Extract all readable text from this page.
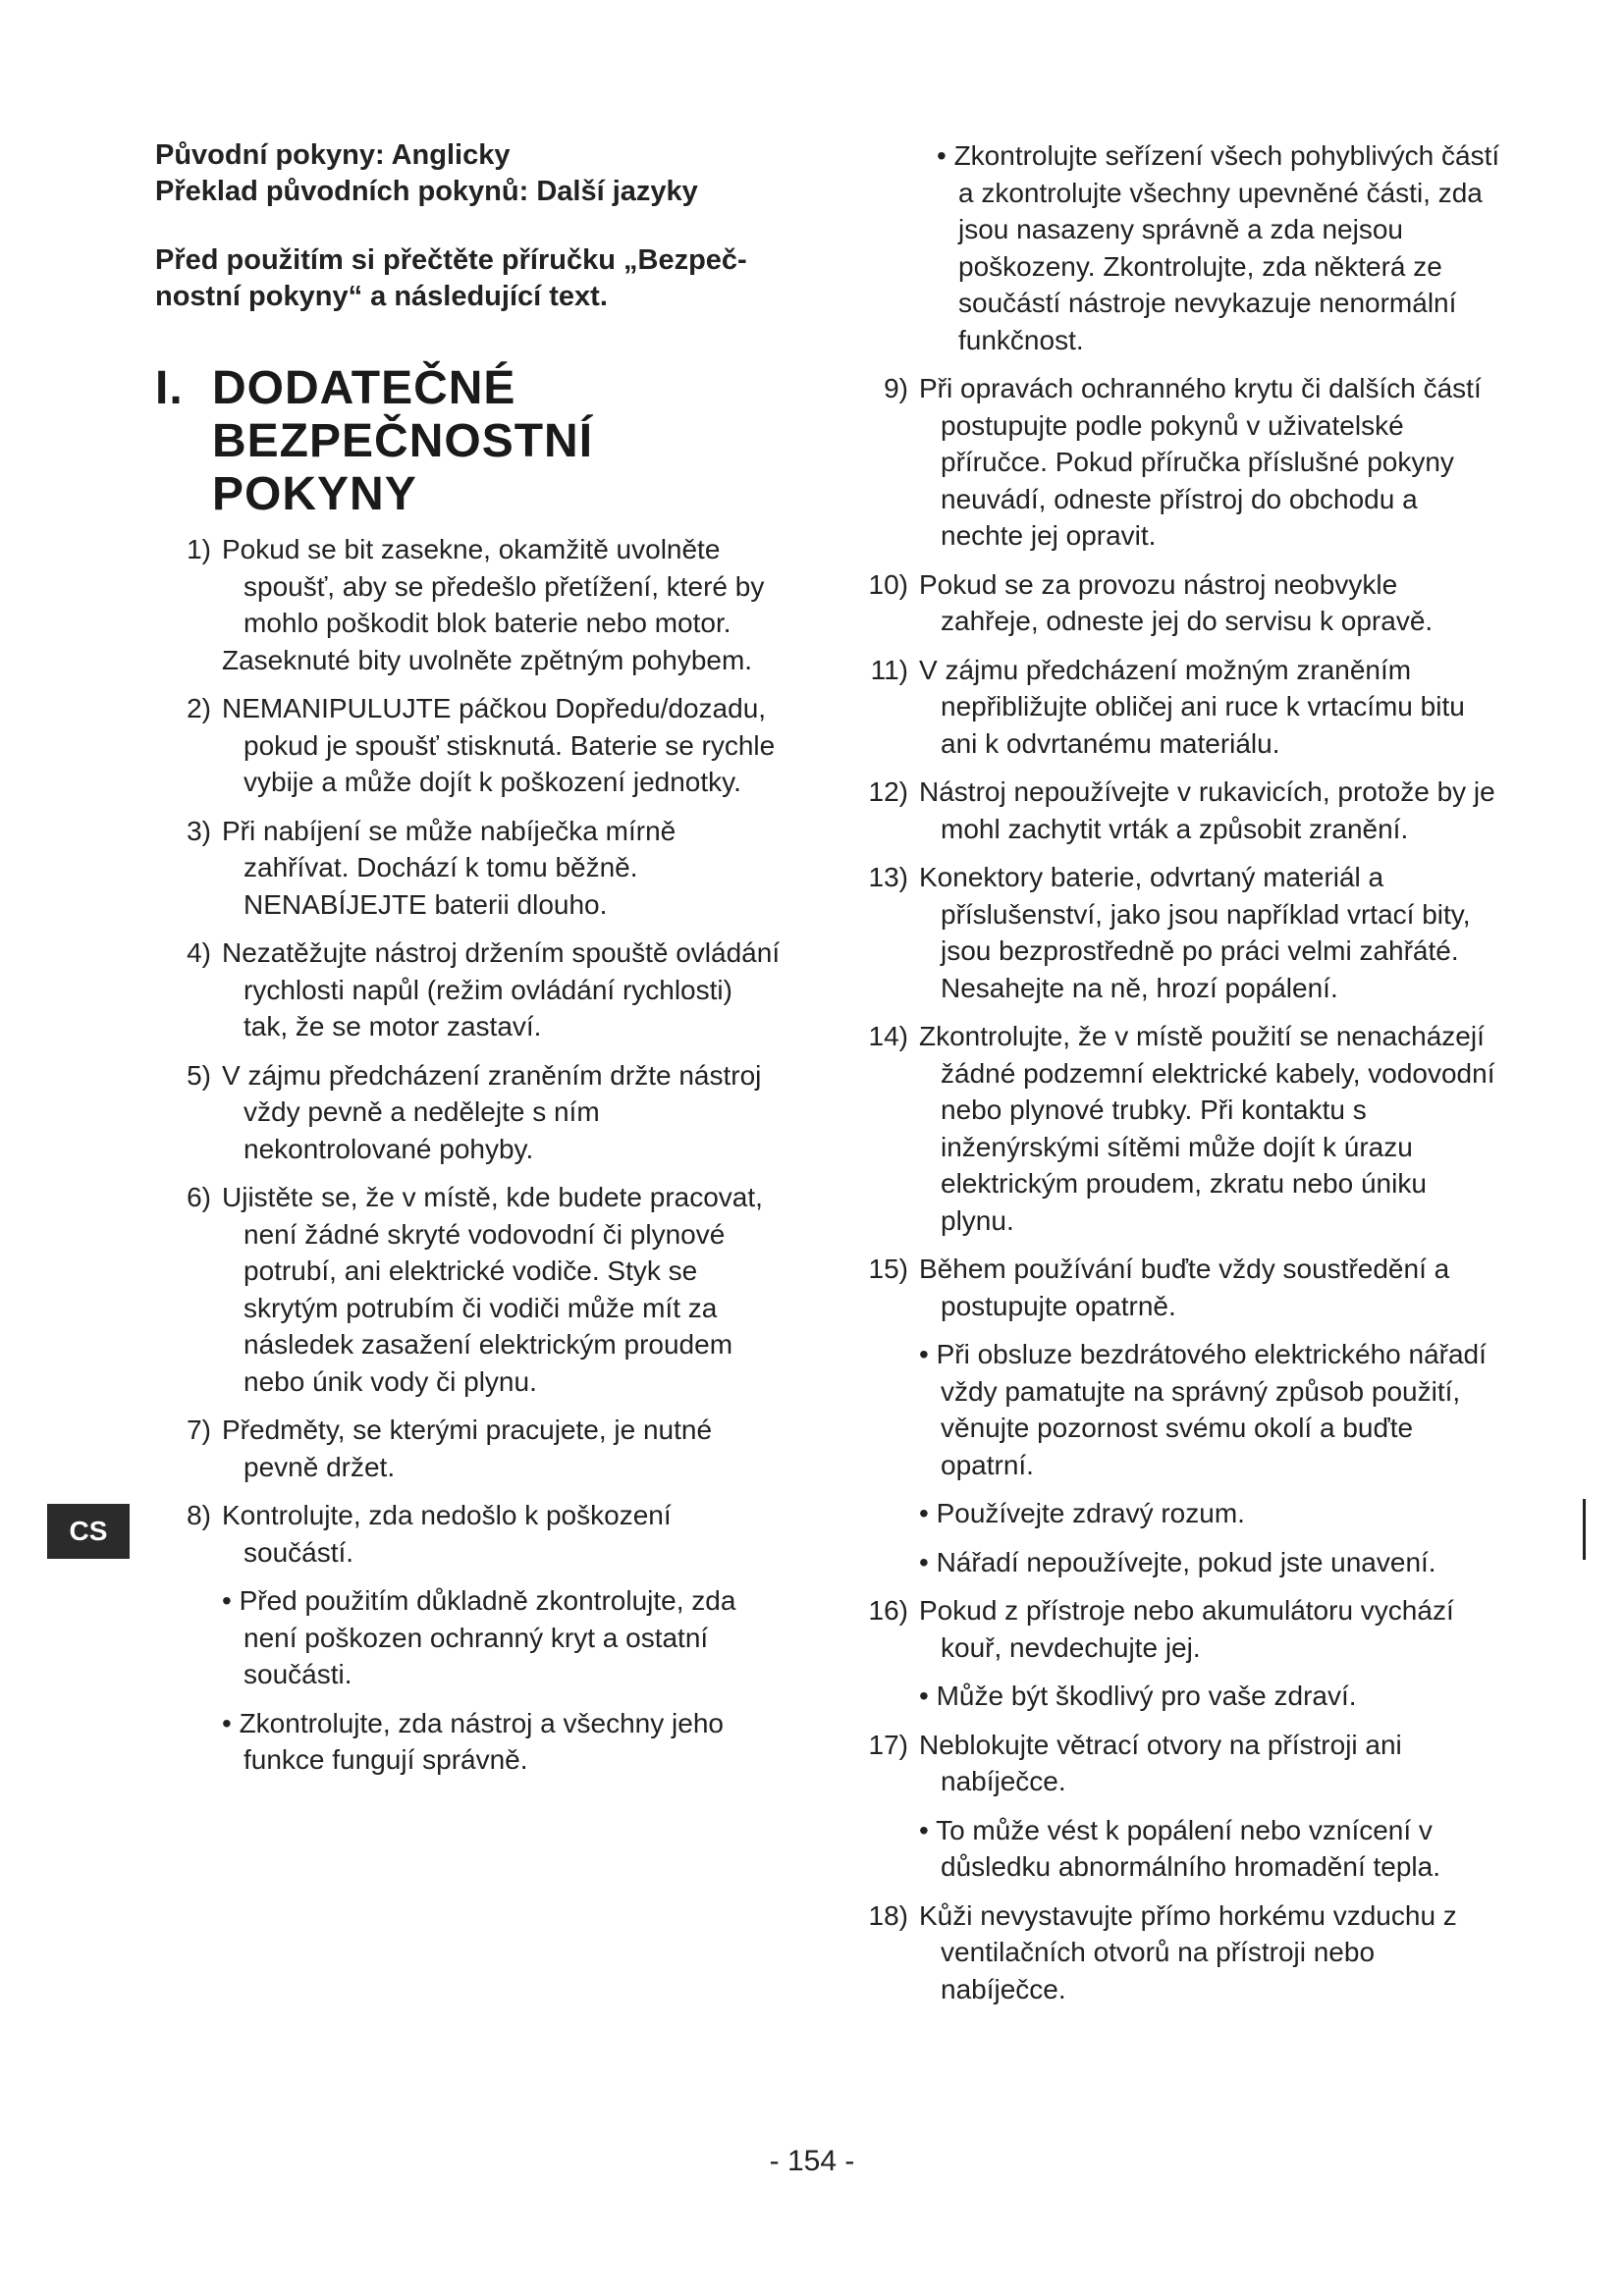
Původní pokyny: Anglicky

Překlad původních pokynů: Další jazyky

Před použitím si přečtěte příručku „Bezpeč-

nostní pokyny“ a následující text.

I. DODATEČNÉ BEZPEČNOSTNÍ POKYNY
1) Pokud se bit zasekne, okamžitě uvolněte spoušť, aby se předešlo přetížení, které by mohlo poškodit blok baterie nebo motor.

Zaseknuté bity uvolněte zpětným pohybem.

2) NEMANIPULUJTE páčkou Dopředu/dozadu, pokud je spoušť stisknutá. Baterie se rychle vybije a může dojít k poškození jednotky.

3) Při nabíjení se může nabíječka mírně zahřívat. Dochází k tomu běžně. NENABÍJEJTE baterii dlouho.

4) Nezatěžujte nástroj držením spouště ovládání rychlosti napůl (režim ovládání rychlosti) tak, že se motor zastaví.

5) V zájmu předcházení zraněním držte nástroj vždy pevně a nedělejte s ním nekontrolované pohyby.

6) Ujistěte se, že v místě, kde budete pracovat, není žádné skryté vodovodní či plynové potrubí, ani elektrické vodiče. Styk se skrytým potrubím či vodiči může mít za následek zasažení elektrickým proudem nebo únik vody či plynu.

7) Předměty, se kterými pracujete, je nutné pevně držet.

8) Kontrolujte, zda nedošlo k poškození součástí.

• Před použitím důkladně zkontrolujte, zda není poškozen ochranný kryt a ostatní součásti.

• Zkontrolujte, zda nástroj a všechny jeho funkce fungují správně.

• Zkontrolujte seřízení všech pohyblivých částí a zkontrolujte všechny upevněné části, zda jsou nasazeny správně a zda nejsou poškozeny. Zkontrolujte, zda některá ze součástí nástroje nevykazuje nenormální funkčnost.

9) Při opravách ochranného krytu či dalších částí postupujte podle pokynů v uživatelské příručce. Pokud příručka příslušné pokyny neuvádí, odneste přístroj do obchodu a nechte jej opravit.

10) Pokud se za provozu nástroj neobvykle zahřeje, odneste jej do servisu k opravě.

11) V zájmu předcházení možným zraněním nepřibližujte obličej ani ruce k vrtacímu bitu ani k odvrtanému materiálu.

12) Nástroj nepoužívejte v rukavicích, protože by je mohl zachytit vrták a způsobit zranění.

13) Konektory baterie, odvrtaný materiál a příslušenství, jako jsou například vrtací bity, jsou bezprostředně po práci velmi zahřáté. Nesahejte na ně, hrozí popálení.

14) Zkontrolujte, že v místě použití se nenacházejí žádné podzemní elektrické kabely, vodovodní nebo plynové trubky. Při kontaktu s inženýrskými sítěmi může dojít k úrazu elektrickým proudem, zkratu nebo úniku plynu.

15) Během používání buďte vždy soustředění a postupujte opatrně.

• Při obsluze bezdrátového elektrického nářadí vždy pamatujte na správný způsob použití, věnujte pozornost svému okolí a buďte opatrní.

• Používejte zdravý rozum.

• Nářadí nepoužívejte, pokud jste unavení.

16) Pokud z přístroje nebo akumulátoru vychází kouř, nevdechujte jej.

• Může být škodlivý pro vaše zdraví.

17) Neblokujte větrací otvory na přístroji ani nabíječce.

• To může vést k popálení nebo vznícení v důsledku abnormálního hromadění tepla.

18) Kůži nevystavujte přímo horkému vzduchu z ventilačních otvorů na přístroji nebo nabíječce.

CS
- 154 -
